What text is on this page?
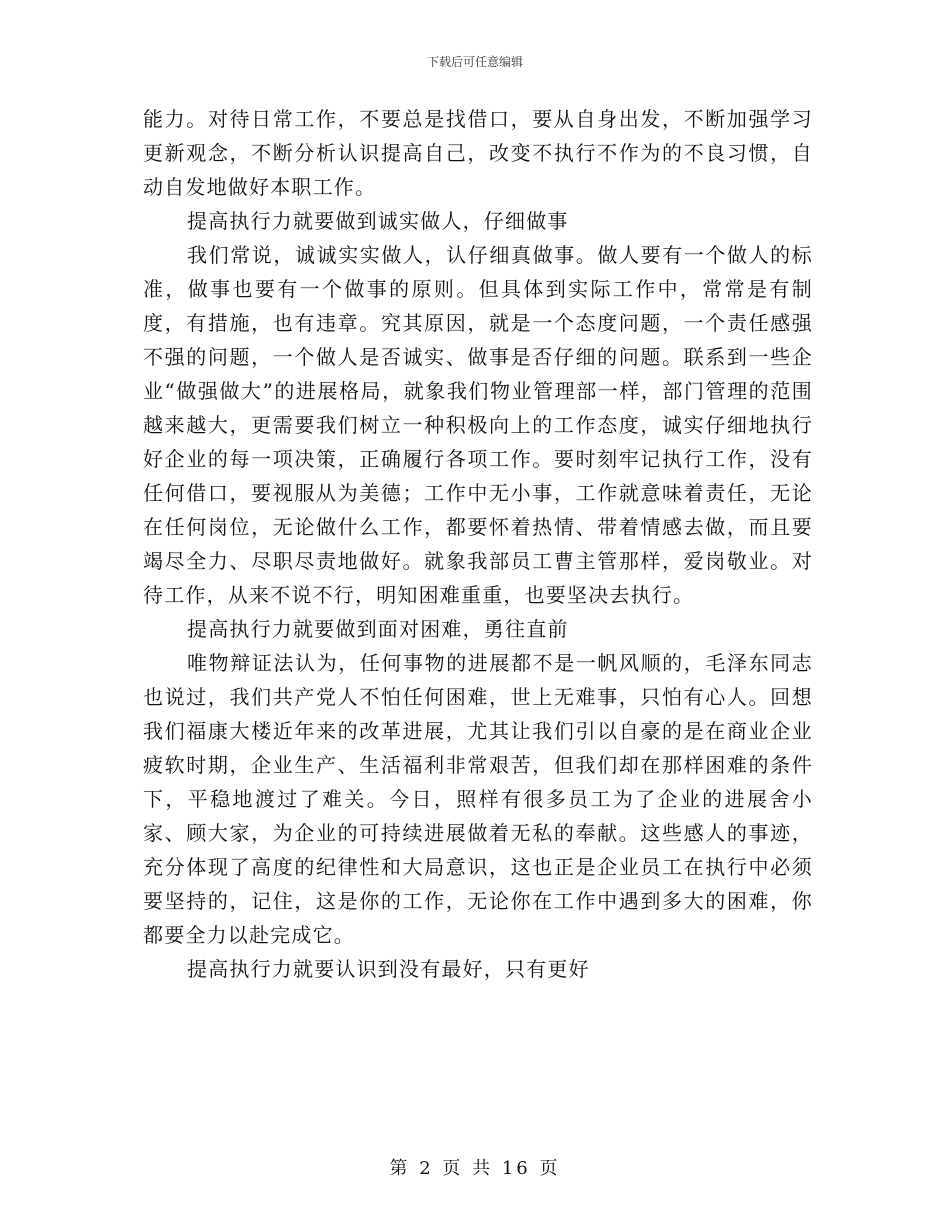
下载后可任意编辑

能力。对待日常工作，不要总是找借口，要从自身出发，不断加强学习更新观念，不断分析认识提高自己，改变不执行不作为的不良习惯，自动自发地做好本职工作。

提高执行力就要做到诚实做人，仔细做事

我们常说，诚诚实实做人，认仔细真做事。做人要有一个做人的标准，做事也要有一个做事的原则。但具体到实际工作中，常常是有制度，有措施，也有违章。究其原因，就是一个态度问题，一个责任感强不强的问题，一个做人是否诚实、做事是否仔细的问题。联系到一些企业“做强做大”的进展格局，就象我们物业管理部一样，部门管理的范围越来越大，更需要我们树立一种积极向上的工作态度，诚实仔细地执行好企业的每一项决策，正确履行各项工作。要时刻牢记执行工作，没有任何借口，要视服从为美德；工作中无小事，工作就意味着责任，无论在任何岗位，无论做什么工作，都要怀着热情、带着情感去做，而且要竭尽全力、尽职尽责地做好。就象我部员工曹主管那样，爱岗敬业。对待工作，从来不说不行，明知困难重重，也要坚决去执行。

提高执行力就要做到面对困难，勇往直前

唯物辩证法认为，任何事物的进展都不是一帆风顺的，毛泽东同志也说过，我们共产党人不怕任何困难，世上无难事，只怕有心人。回想我们福康大楼近年来的改革进展，尤其让我们引以自豪的是在商业企业疲软时期，企业生产、生活福利非常艰苦，但我们却在那样困难的条件下，平稳地渡过了难关。今日，照样有很多员工为了企业的进展舍小家、顾大家，为企业的可持续进展做着无私的奉献。这些感人的事迹，充分体现了高度的纪律性和大局意识，这也正是企业员工在执行中必须要坚持的，记住，这是你的工作，无论你在工作中遇到多大的困难，你都要全力以赴完成它。

提高执行力就要认识到没有最好，只有更好

第 2 页 共 16 页
